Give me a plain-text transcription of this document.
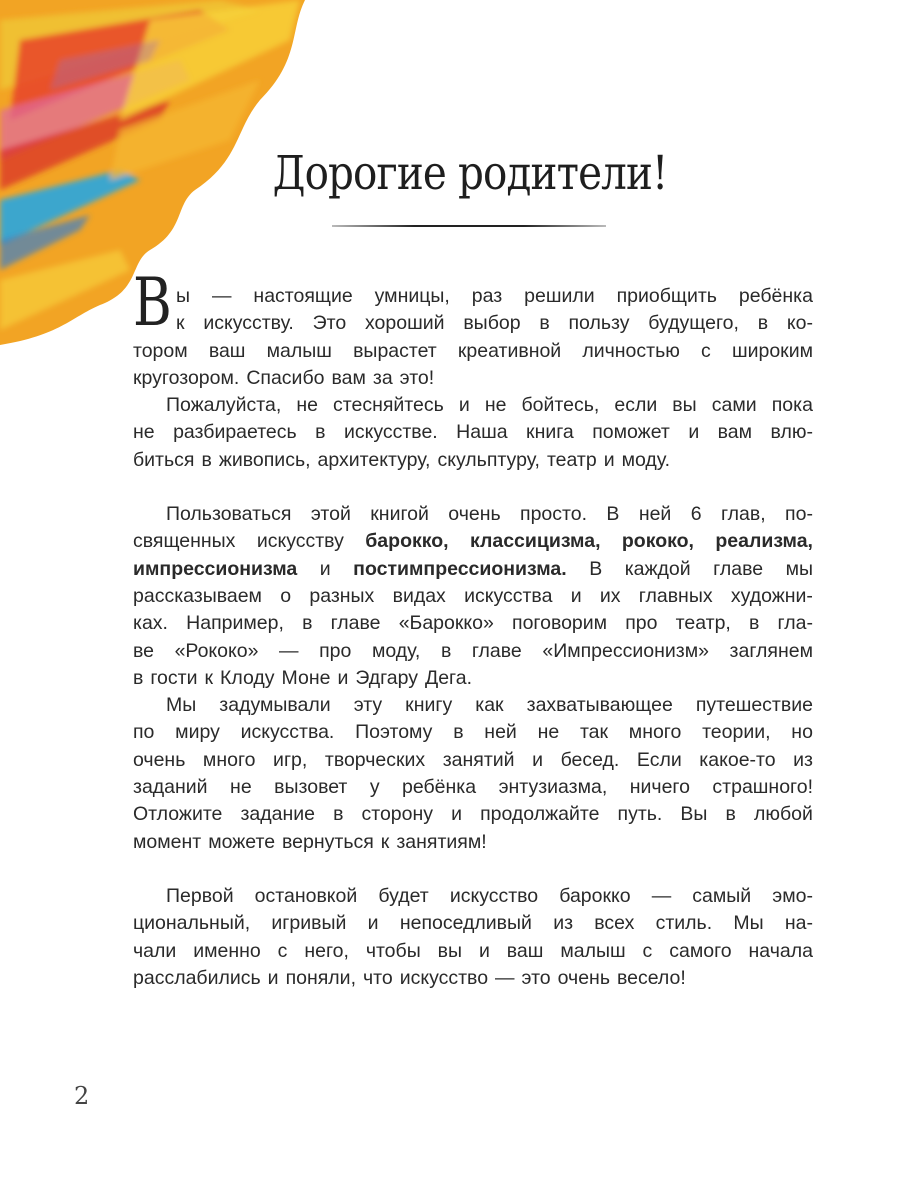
Дорогие родители!
В ы — настоящие умницы, раз решили приобщить ребёнка
к искусству. Это хороший выбор в пользу будущего, в ко-
тором ваш малыш вырастет креативной личностью с широким
кругозором. Спасибо вам за это!
Пожалуйста, не стесняйтесь и не бойтесь, если вы сами пока
не разбираетесь в искусстве. Наша книга поможет и вам влю-
биться в живопись, архитектуру, скульптуру, театр и моду.
Пользоваться этой книгой очень просто. В ней 6 глав, по-
священных искусству барокко, классицизма, рококо, реализма,
импрессионизма и постимпрессионизма. В каждой главе мы
рассказываем о разных видах искусства и их главных художни-
ках. Например, в главе «Барокко» поговорим про театр, в гла-
ве «Рококо» — про моду, в главе «Импрессионизм» заглянем
в гости к Клоду Моне и Эдгару Дега.
Мы задумывали эту книгу как захватывающее путешествие
по миру искусства. Поэтому в ней не так много теории, но
очень много игр, творческих занятий и бесед. Если какое-то из
заданий не вызовет у ребёнка энтузиазма, ничего страшного!
Отложите задание в сторону и продолжайте путь. Вы в любой
момент можете вернуться к занятиям!
Первой остановкой будет искусство барокко — самый эмо-
циональный, игривый и непоседливый из всех стиль. Мы на-
чали именно с него, чтобы вы и ваш малыш с самого начала
расслабились и поняли, что искусство — это очень весело!
2
